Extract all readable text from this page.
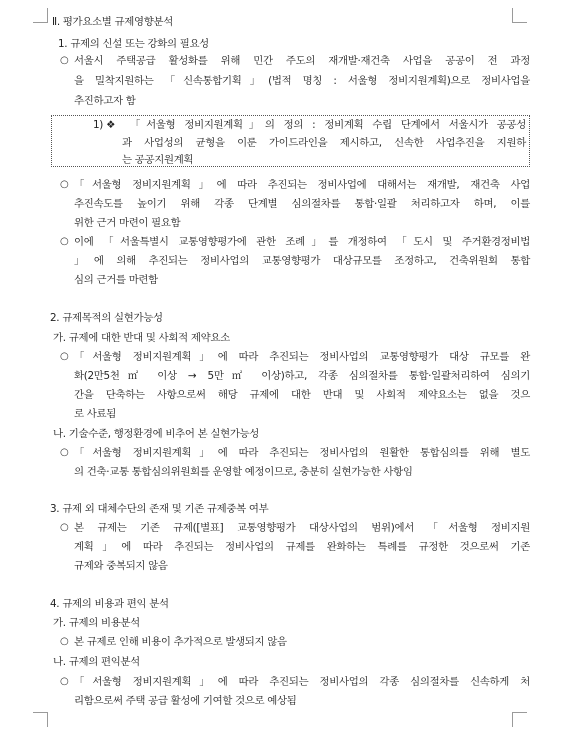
Ⅱ. 평가요소별 규제영향분석
1. 규제의 신설 또는 강화의 필요성
○ 서울시 주택공급 활성화를 위해 민간 주도의 재개발·재건축 사업을 공공이 전 과정
을 밀착지원하는 「신속통합기획」(법적 명칭 : 서울형 정비지원계획)으로 정비사업을
추진하고자 함
1) ❖ 「서울형 정비지원계획」의 정의 : 정비계획 수립 단계에서 서울시가 공공성
과 사업성의 균형을 이룬 가이드라인을 제시하고, 신속한 사업추진을 지원하
는 공공지원계획
○ 「서울형 정비지원계획」에 따라 추진되는 정비사업에 대해서는 재개발, 재건축 사업
추진속도를 높이기 위해 각종 단계별 심의절차를 통합·일괄 처리하고자 하며, 이를
위한 근거 마련이 필요함
○ 이에 「서울특별시 교통영향평가에 관한 조례」를 개정하여 「도시 및 주거환경정비법
」에 의해 추진되는 정비사업의 교통영향평가 대상규모를 조정하고, 건축위원회 통합
심의 근거를 마련함
2. 규제목적의 실현가능성
가. 규제에 대한 반대 및 사회적 제약요소
○ 「서울형 정비지원계획」에 따라 추진되는 정비사업의 교통영향평가 대상 규모를 완
화(2만5천㎡ 이상 → 5만㎡ 이상)하고, 각종 심의절차를 통합·일괄처리하여 심의기
간을 단축하는 사항으로써 해당 규제에 대한 반대 및 사회적 제약요소는 없을 것으
로 사료됨
나. 기술수준, 행정환경에 비추어 본 실현가능성
○ 「서울형 정비지원계획」에 따라 추진되는 정비사업의 원활한 통합심의를 위해 별도
의 건축·교통 통합심의위원회를 운영할 예정이므로, 충분히 실현가능한 사항임
3. 규제 외 대체수단의 존재 및 기존 규제중복 여부
○ 본 규제는 기존 규제([별표] 교통영향평가 대상사업의 범위)에서 「서울형 정비지원
계획」에 따라 추진되는 정비사업의 규제를 완화하는 특례를 규정한 것으로써 기존
규제와 중복되지 않음
4. 규제의 비용과 편익 분석
가. 규제의 비용분석
○ 본 규제로 인해 비용이 추가적으로 발생되지 않음
나. 규제의 편익분석
○ 「서울형 정비지원계획」에 따라 추진되는 정비사업의 각종 심의절차를 신속하게 처
리함으로써 주택 공급 활성에 기여할 것으로 예상됨
